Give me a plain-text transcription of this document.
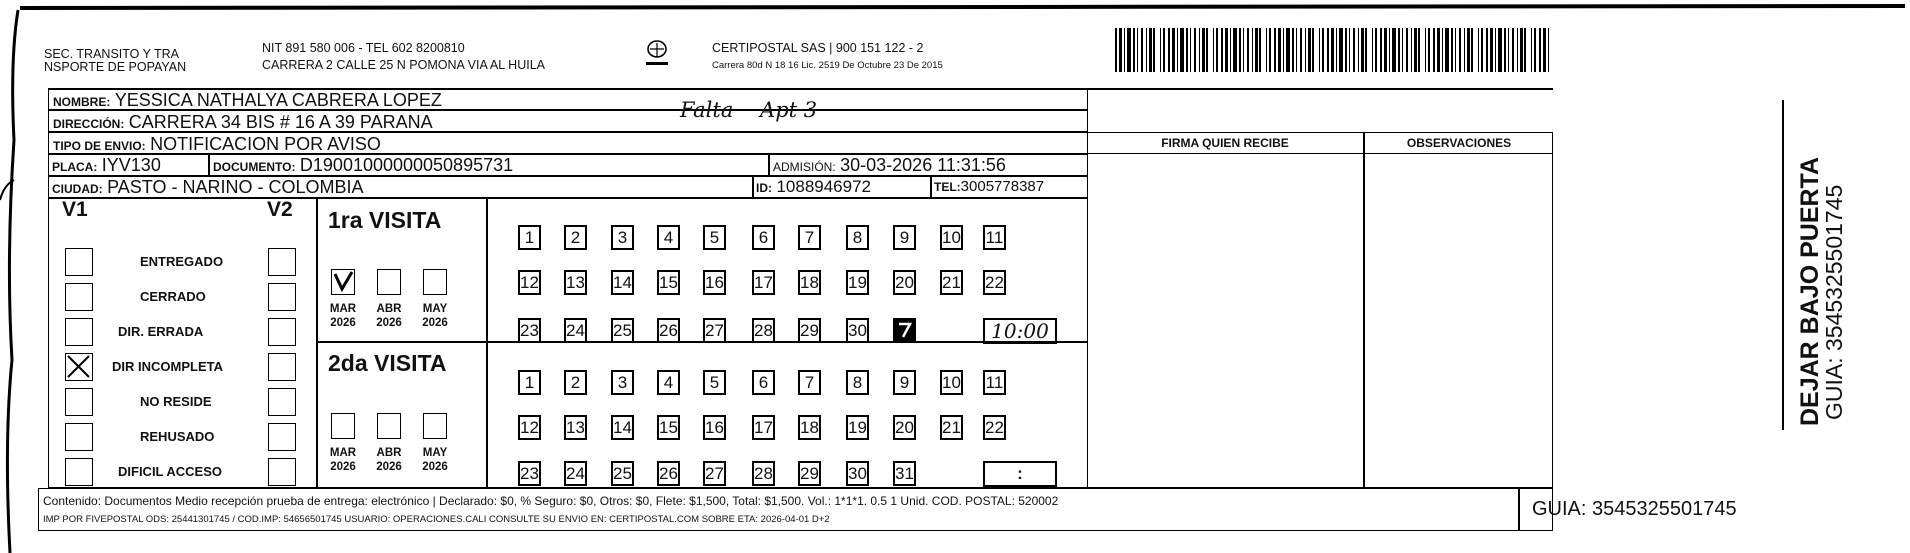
SEC. TRANSITO Y TRA
NSPORTE DE POPAYAN
NIT 891 580 006 - TEL 602 8200810
CARRERA 2 CALLE 25 N POMONA VIA AL HUILA
CERTIPOSTAL SAS | 900 151 122 - 2
Carrera 80d N 18 16 Lic. 2519 De Octubre 23 De 2015
NOMBRE: YESSICA NATHALYA CABRERA LOPEZ
DIRECCIÓN: CARRERA 34 BIS # 16 A 39 PARANA	Falta    Apt 3
TIPO DE ENVIO: NOTIFICACION POR AVISO
PLACA: IYV130	DOCUMENTO: D19001000000050895731	ADMISIÓN: 30-03-2026 11:31:56
CIUDAD: PASTO - NARINO - COLOMBIA	ID: 1088946972	TEL:3005778387
FIRMA QUIEN RECIBE	OBSERVACIONES
V1	V2
ENTREGADO
CERRADO
DIR. ERRADA
DIR INCOMPLETA
NO RESIDE
REHUSADO
DIFICIL ACCESO
1ra VISITA
2da VISITA
MAR
2026
ABR
2026
MAY
2026
MAR
2026
ABR
2026
MAY
2026
1	2	3	4	5	6	7	8	9	10 11
12 13 14 15 16 17 18 19 20 21 22
23 24 25 26 27 28 29 30	10:00
1	2	3	4	5	6	7	8	9	10 11
12 13 14 15 16 17 18 19 20 21 22
23 24 25 26 27 28 29 30 31	:
Contenido: Documentos Medio recepción prueba de entrega: electrónico | Declarado: $0, % Seguro: $0, Otros: $0, Flete: $1,500, Total: $1,500. Vol.: 1*1*1. 0.5 1 Unid. COD. POSTAL: 520002
IMP POR FIVEPOSTAL ODS: 25441301745 / COD.IMP: 54656501745 USUARIO: OPERACIONES.CALI CONSULTE SU ENVIO EN: CERTIPOSTAL.COM SOBRE ETA: 2026-04-01 D+2	GUIA: 3545325501745
DEJAR BAJO PUERTA
GUIA: 3545325501745
